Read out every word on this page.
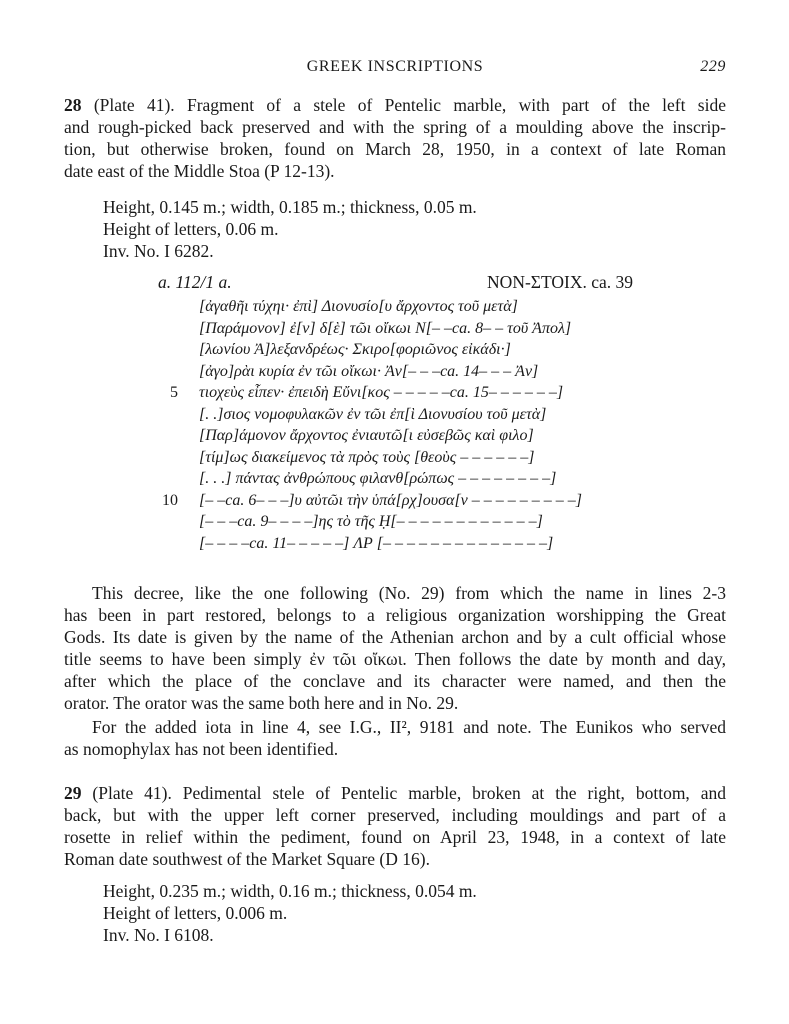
GREEK INSCRIPTIONS	229
28 (Plate 41). Fragment of a stele of Pentelic marble, with part of the left side
and rough-picked back preserved and with the spring of a moulding above the inscrip-
tion, but otherwise broken, found on March 28, 1950, in a context of late Roman
date east of the Middle Stoa (P 12-13).
Height, 0.145 m.; width, 0.185 m.; thickness, 0.05 m.
Height of letters, 0.06 m.
Inv. No. I 6282.
a. 112/1 a.	NON-ΣΤΟΙΧ. ca. 39
[ἀγαθῆι τύχηι· ἐπὶ] Διονυσίο[υ ἄρχοντος τοῦ μετὰ]
[Παράμονον] ἐ[ν] δ[ὲ] τῶι οἴκωι Ν[– –ca. 8– – τοῦ Ἀπολ]
[λωνίου Ἀ]λεξανδρέως· Σκιρο[φοριῶνος εἰκάδι·]
[ἀγο]ρὰι κυρία ἐν τῶι οἴκωι· Ἀν[– – –ca. 14– – – Ἀν]
5 τιοχεὺς εἶπεν· ἐπειδὴ Εὔνι[κος – – – – –ca. 15– – – – – –]
[. .]σιος νομοφυλακῶν ἐν τῶι ἐπ[ὶ Διονυσίου τοῦ μετὰ]
[Παρ]άμονον ἄρχοντος ἐνιαυτῶ[ι εὐσεβῶς καὶ φιλο]
[τίμ]ως διακείμενος τὰ πρὸς τοὺς [θεοὺς – – – – – –]
[. . .] πάντας ἀνθρώπους φιλανθ[ρώπως – – – – – – – –]
10 [– –ca. 6– – –]υ αὐτῶι τὴν ὑπά[ρχ]ουσα[ν – – – – – – – – –]
[– – –ca. 9– – – –]ης τὸ τῆς Ḥ[– – – – – – – – – – – –]
[– – – –ca. 11– – – – –] ΛΡ [– – – – – – – – – – – – – –]
This decree, like the one following (No. 29) from which the name in lines 2-3
has been in part restored, belongs to a religious organization worshipping the Great
Gods. Its date is given by the name of the Athenian archon and by a cult official whose
title seems to have been simply ἐν τῶι οἴκωι. Then follows the date by month and day,
after which the place of the conclave and its character were named, and then the
orator. The orator was the same both here and in No. 29.
For the added iota in line 4, see I.G., II², 9181 and note. The Eunikos who served
as nomophylax has not been identified.
29 (Plate 41). Pedimental stele of Pentelic marble, broken at the right, bottom, and
back, but with the upper left corner preserved, including mouldings and part of a
rosette in relief within the pediment, found on April 23, 1948, in a context of late
Roman date southwest of the Market Square (D 16).
Height, 0.235 m.; width, 0.16 m.; thickness, 0.054 m.
Height of letters, 0.006 m.
Inv. No. I 6108.
